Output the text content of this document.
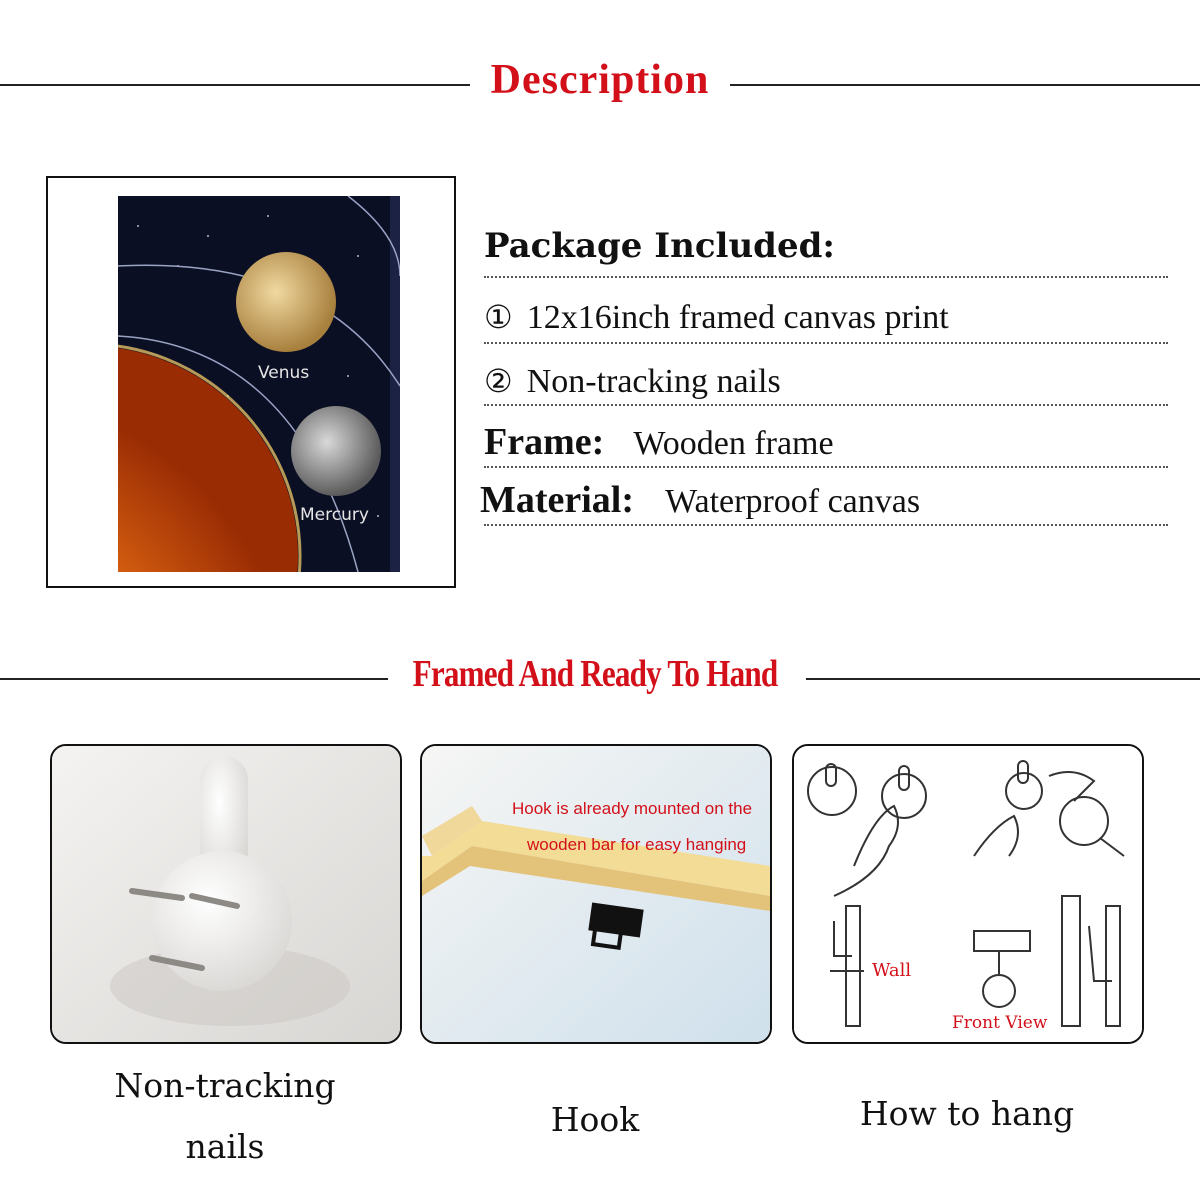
Description
Venus
Mercury
Package Included:
① 12x16inch framed canvas print
② Non-tracking nails
Frame: Wooden frame
Material: Waterproof canvas
Framed And Ready To Hand
Non-tracking
nails
Hook is already mounted on the
wooden bar for easy hanging
Hook
Wall
Front View
How to hang
